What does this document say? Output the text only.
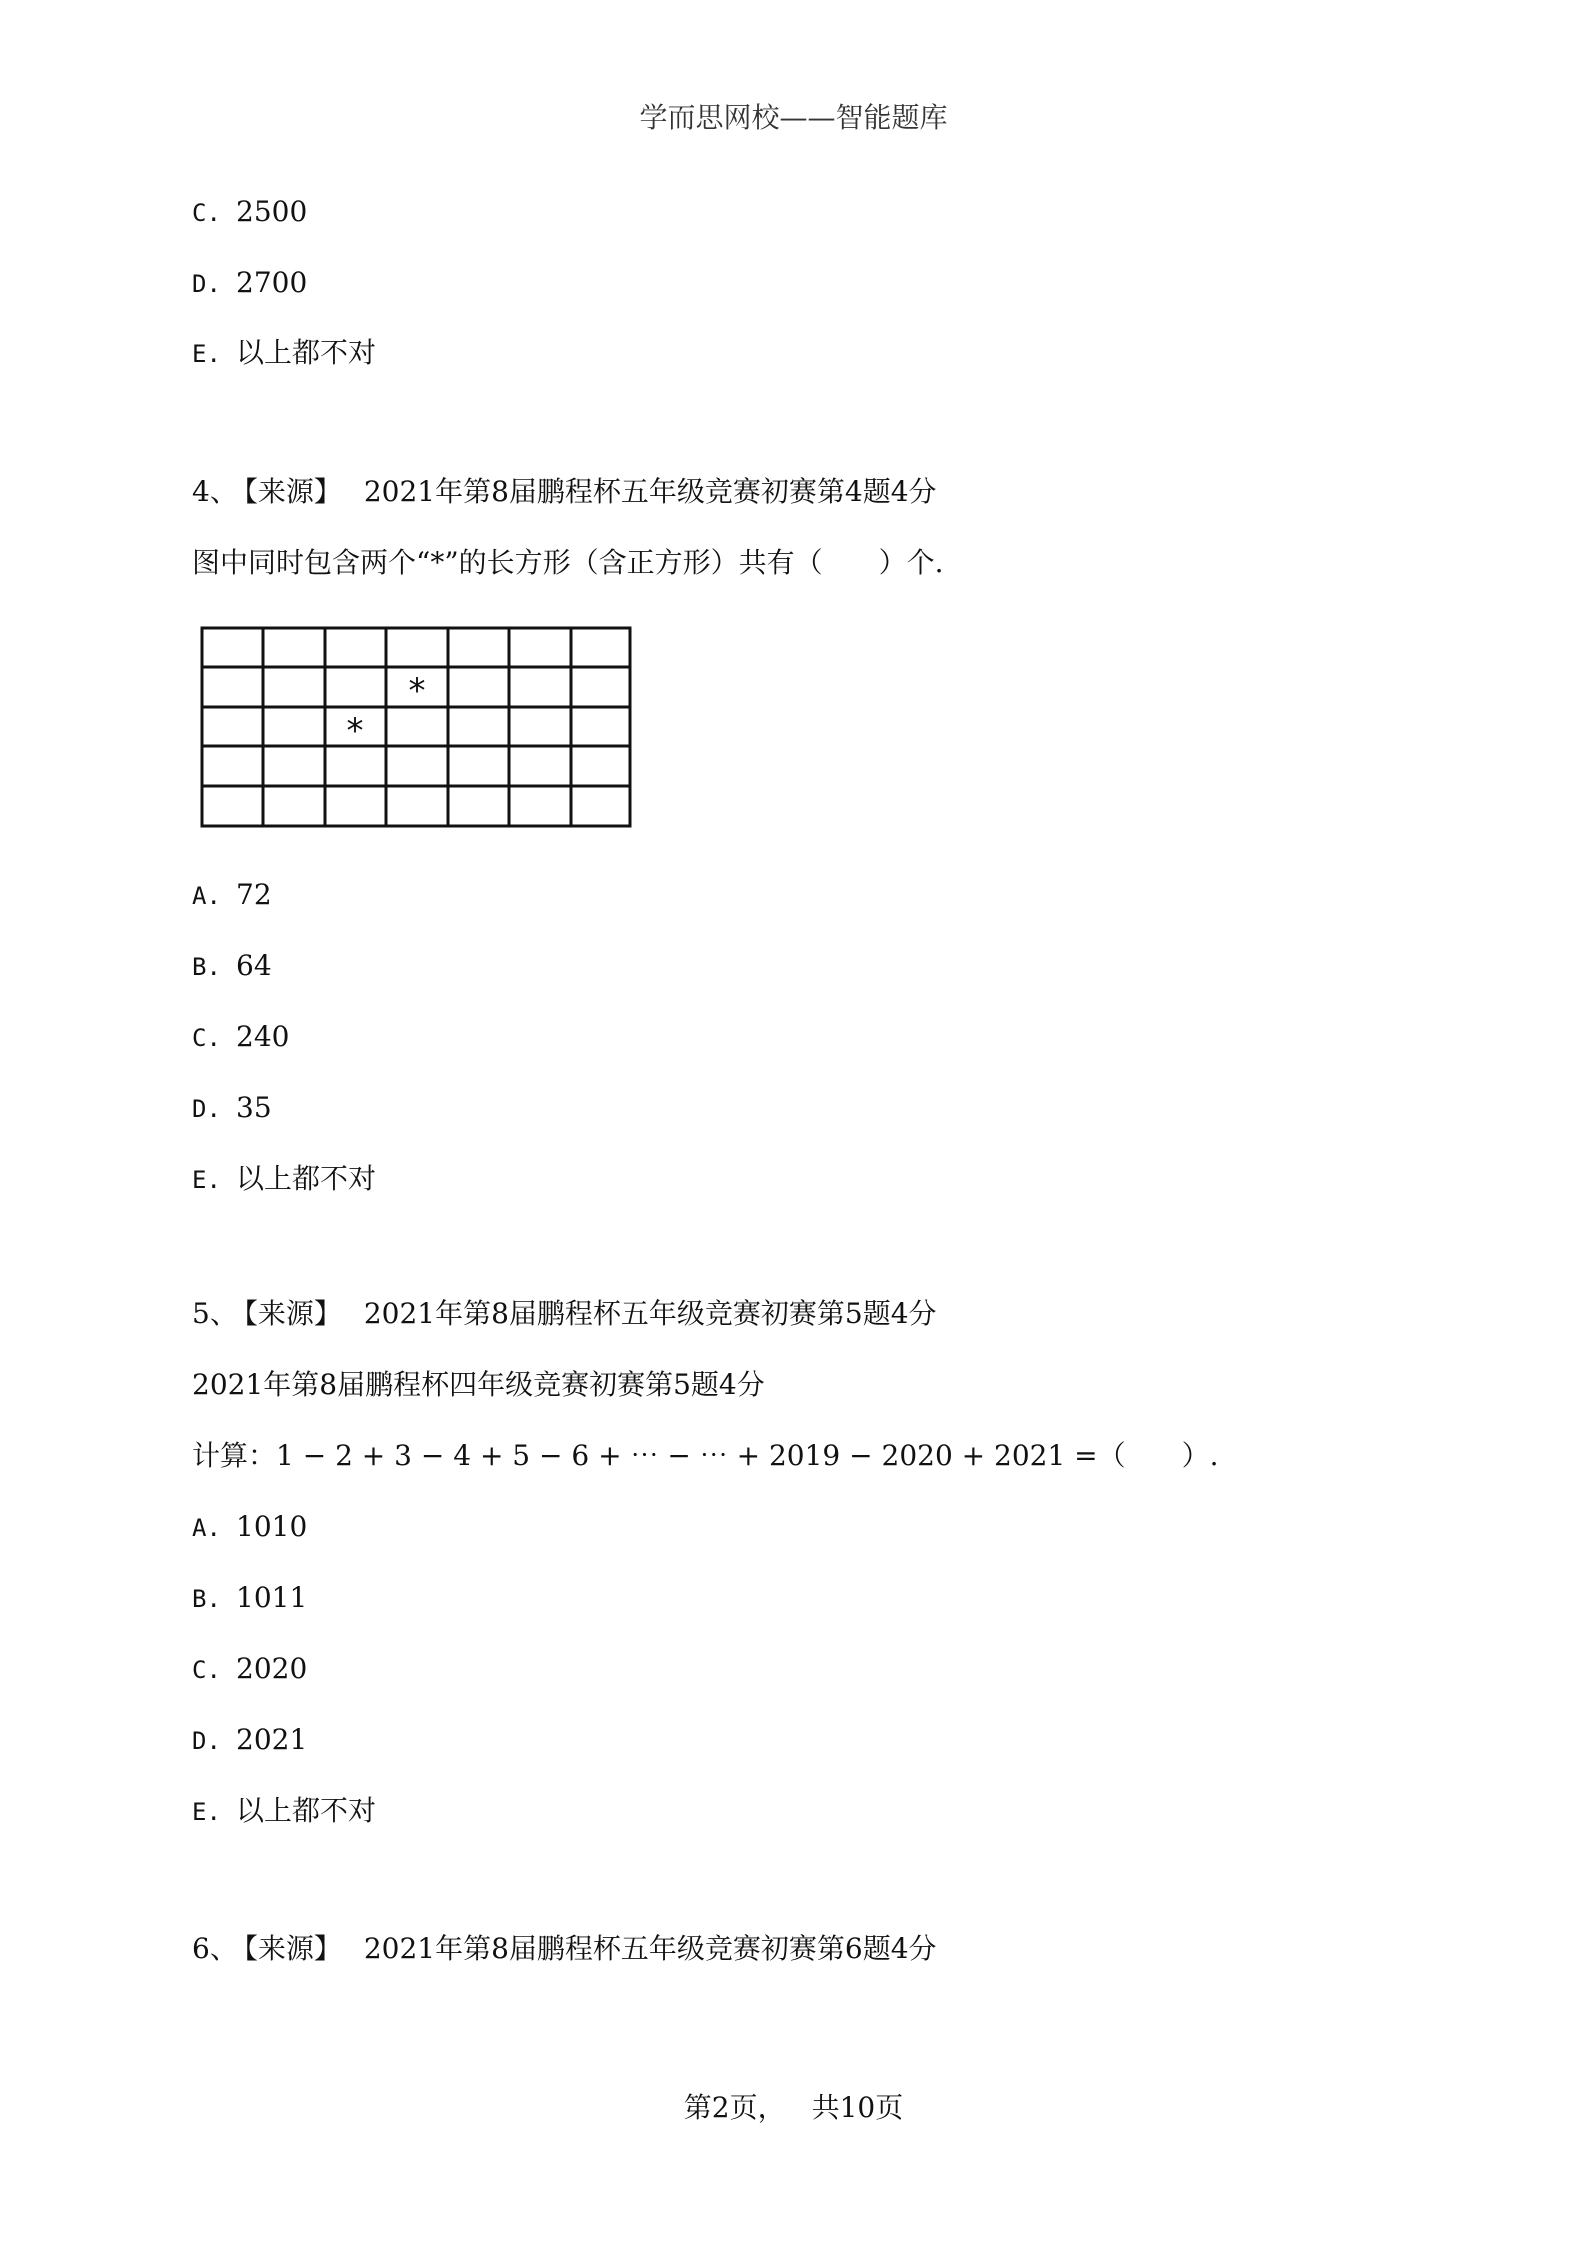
学而思网校——智能题库
C. 2500
D. 2700
E. 以上都不对
4、 【来源】 2021年第8届鹏程杯五年级竞赛初赛第4题4分
图中同时包含两个“*”的长方形（含正方形）共有（　　）个.
*
*
A. 72
B. 64
C. 240
D. 35
E. 以上都不对
5、 【来源】 2021年第8届鹏程杯五年级竞赛初赛第5题4分
2021年第8届鹏程杯四年级竞赛初赛第5题4分
计算：1 − 2 + 3 − 4 + 5 − 6 + ⋯ − ⋯ + 2019 − 2020 + 2021 =（　　）.
A. 1010
B. 1011
C. 2020
D. 2021
E. 以上都不对
6、 【来源】 2021年第8届鹏程杯五年级竞赛初赛第6题4分
第2页， 共10页
